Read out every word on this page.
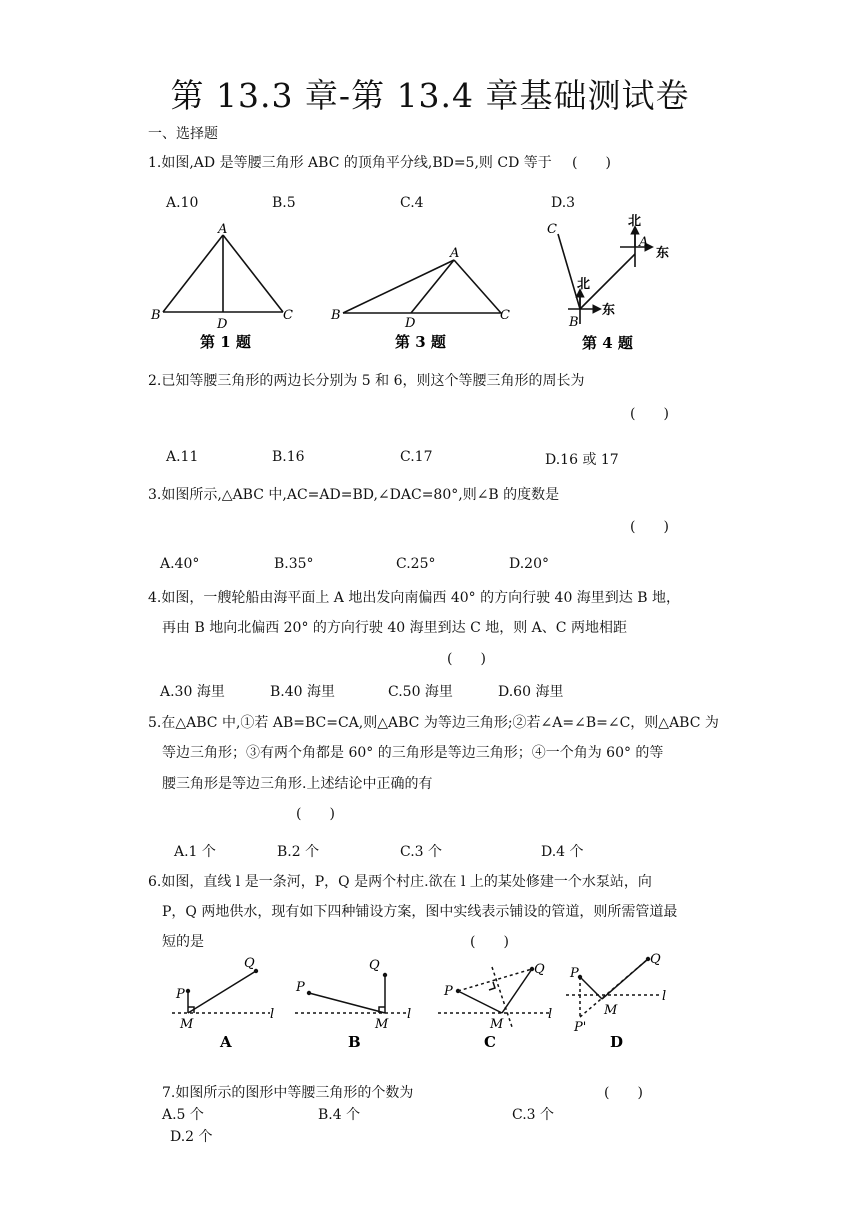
第 13.3 章-第 13.4 章基础测试卷
一、选择题
1.如图,AD 是等腰三角形 ABC 的顶角平分线,BD=5,则 CD 等于 (　　)
A.10	B.5	C.4	D.3
A
B
D
C
第 1 题
A
B
D
C
第 3 题
C
北
A
东
北
东
B
第 4 题
2.已知等腰三角形的两边长分别为 5 和 6，则这个等腰三角形的周长为
(　　)
A.11	B.16	C.17	D.16 或 17
3.如图所示,△ABC 中,AC=AD=BD,∠DAC=80°,则∠B 的度数是
(　　)
A.40°	B.35°	C.25°	D.20°
4.如图，一艘轮船由海平面上 A 地出发向南偏西 40° 的方向行驶 40 海里到达 B 地，
再由 B 地向北偏西 20° 的方向行驶 40 海里到达 C 地，则 A、C 两地相距
(　　)
A.30 海里	B.40 海里	C.50 海里	D.60 海里
5.在△ABC 中,①若 AB=BC=CA,则△ABC 为等边三角形;②若∠A=∠B=∠C，则△ABC 为
等边三角形；③有两个角都是 60° 的三角形是等边三角形；④一个角为 60° 的等
腰三角形是等边三角形.上述结论中正确的有
(　　)
A.1 个	B.2 个	C.3 个	D.4 个
6.如图，直线 l 是一条河，P，Q 是两个村庄.欲在 l 上的某处修建一个水泵站，向
P，Q 两地供水，现有如下四种铺设方案，图中实线表示铺设的管道，则所需管道最
短的是	(　　)
P
Q
M
l
A
P
Q
M
l
B
P
Q
M
l
C
P
Q
M
l
P'
D
7.如图所示的图形中等腰三角形的个数为	(　　)
A.5 个	B.4 个	C.3 个
D.2 个
